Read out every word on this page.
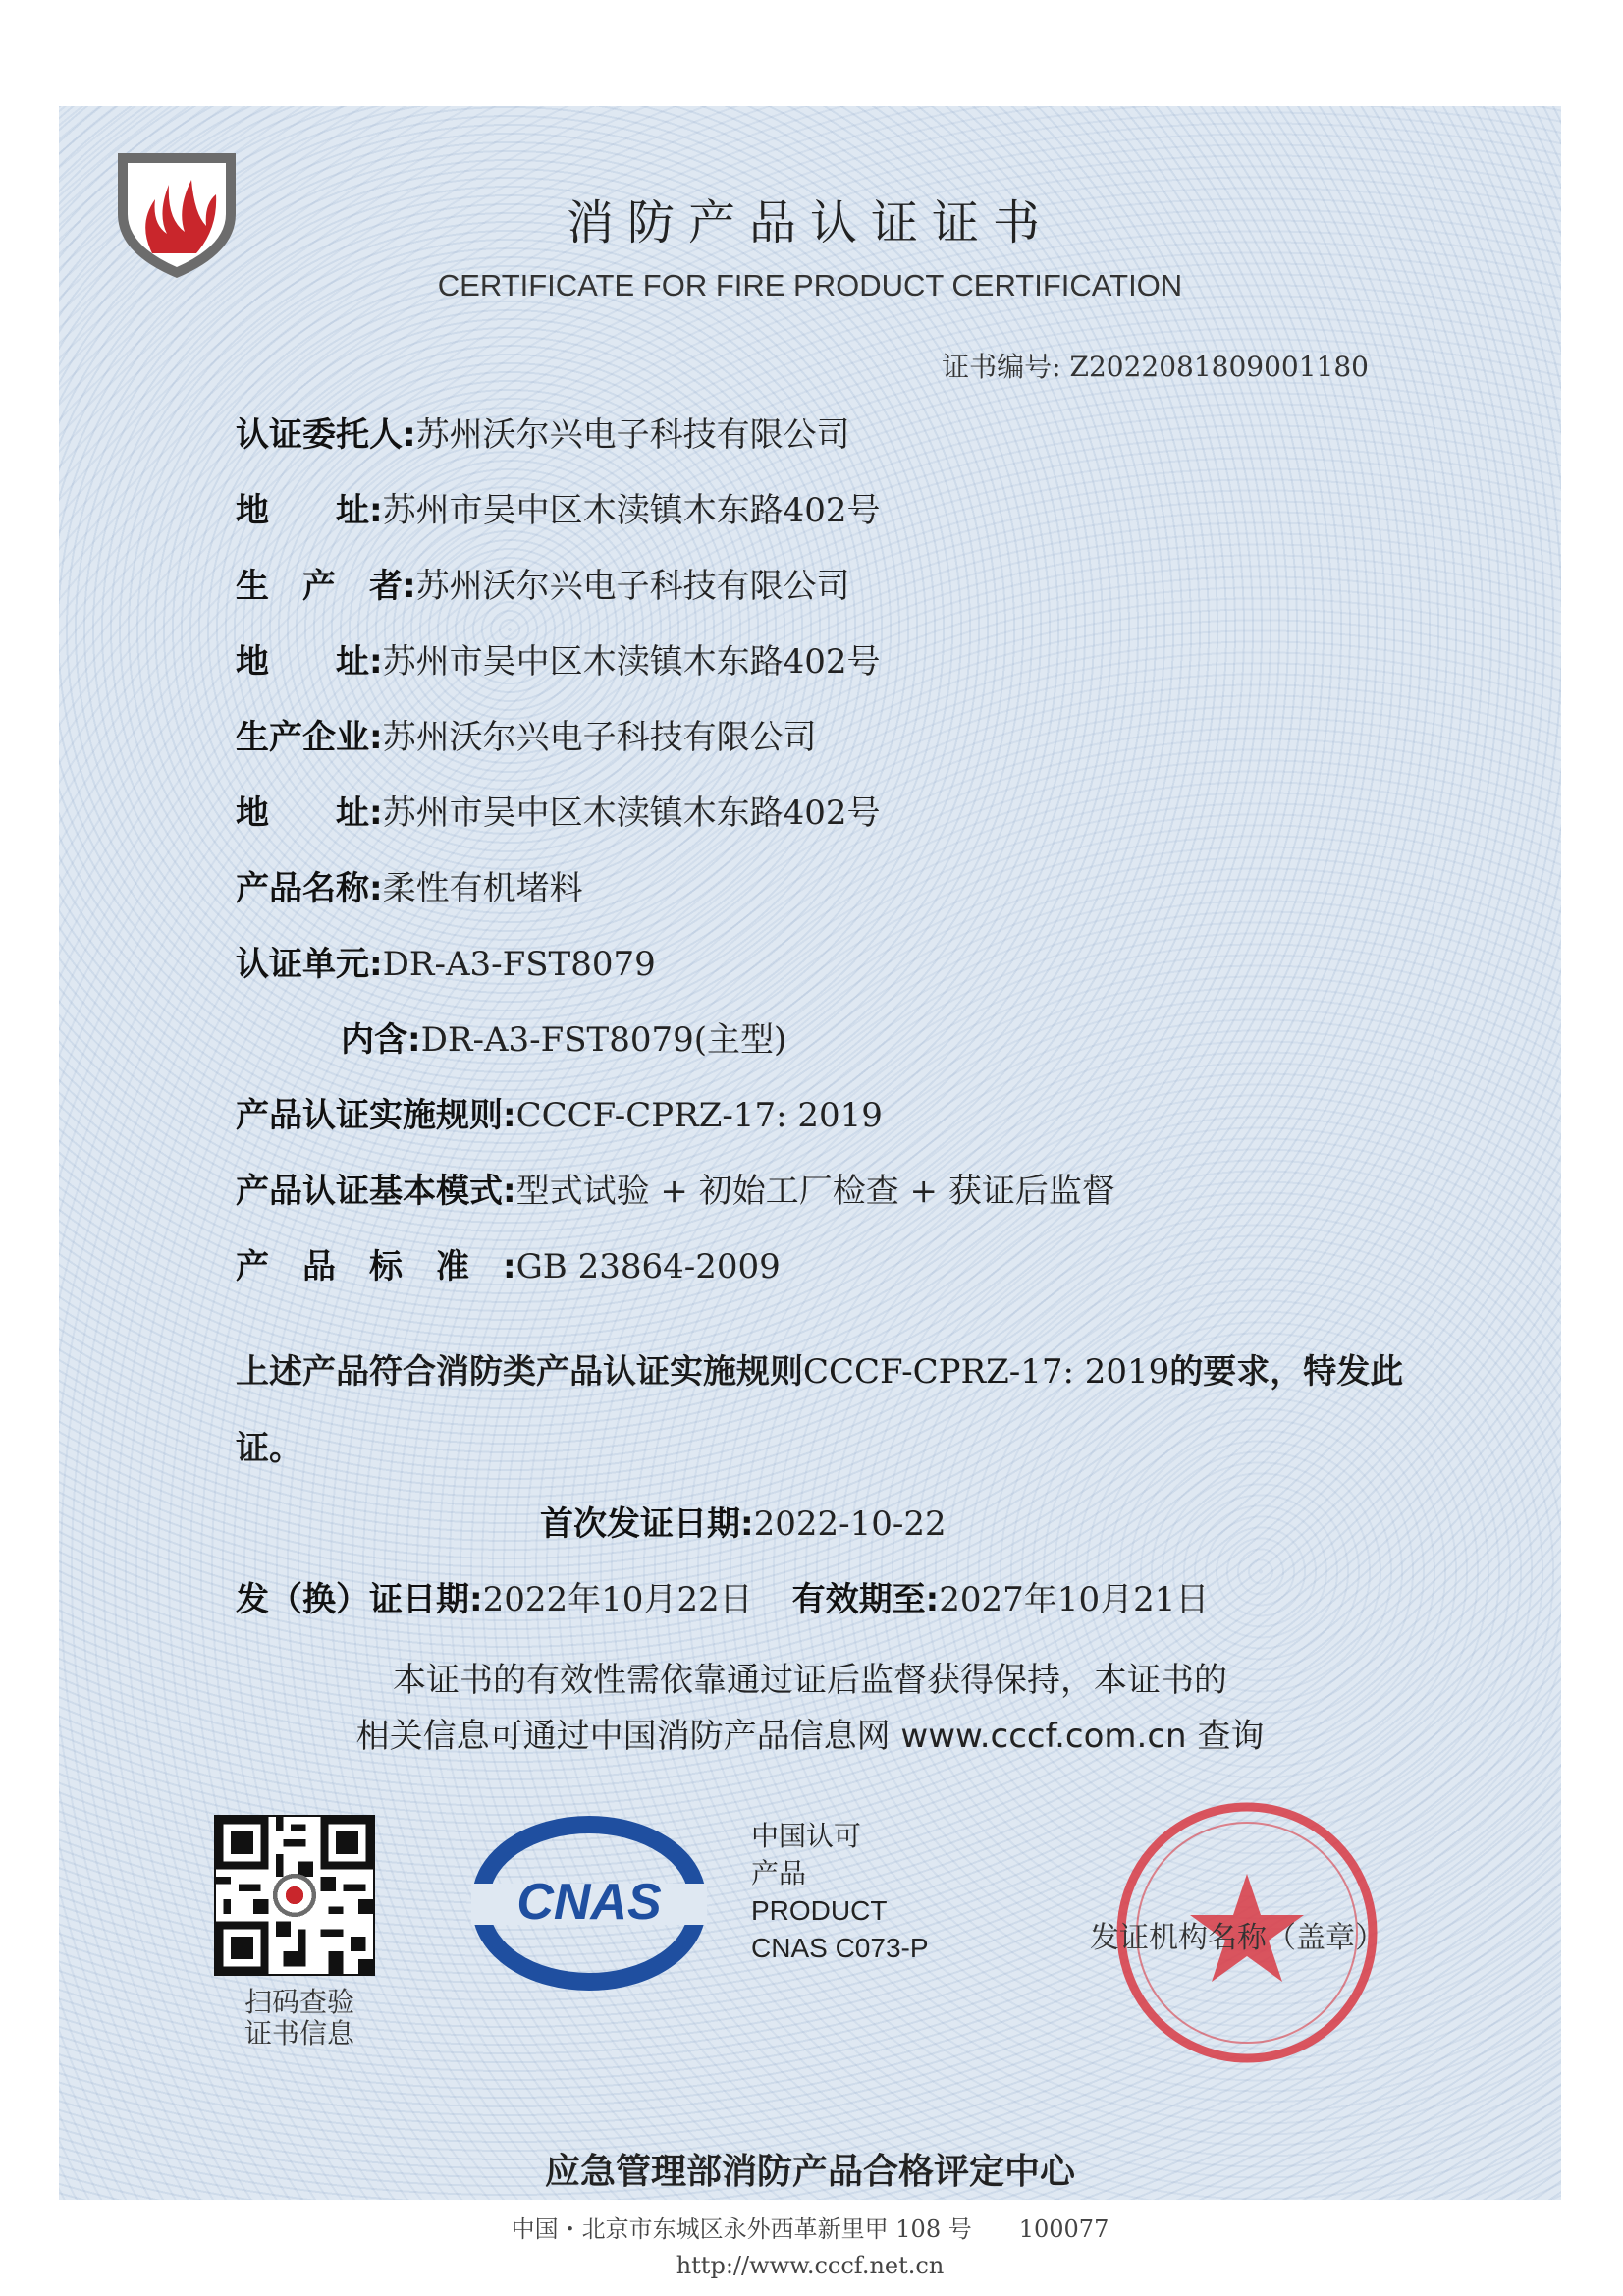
消防产品认证证书
CERTIFICATE FOR FIRE PRODUCT CERTIFICATION
证书编号: Z2022081809001180
认证委托人: 苏州沃尔兴电子科技有限公司
地　　址: 苏州市吴中区木渎镇木东路402号
生　产　者: 苏州沃尔兴电子科技有限公司
地　　址: 苏州市吴中区木渎镇木东路402号
生产企业: 苏州沃尔兴电子科技有限公司
地　　址: 苏州市吴中区木渎镇木东路402号
产品名称: 柔性有机堵料
认证单元: DR-A3-FST8079
内含: DR-A3-FST8079(主型)
产品认证实施规则: CCCF-CPRZ-17: 2019
产品认证基本模式: 型式试验 + 初始工厂检查 + 获证后监督
产　品　标　准　: GB 23864-2009
上述产品符合消防类产品认证实施规则CCCF-CPRZ-17: 2019的要求，特发此证。
首次发证日期: 2022-10-22
发（换）证日期: 2022年10月22日 有效期至: 2027年10月21日
本证书的有效性需依靠通过证后监督获得保持，本证书的
相关信息可通过中国消防产品信息网 www.cccf.com.cn 查询
扫码查验证书信息
CNAS
中国认可
产品
PRODUCT
CNAS C073-P	发证机构名称（盖章）
应急管理部消防产品合格评定中心
中国・北京市东城区永外西革新里甲 108 号　　100077
http://www.cccf.net.cn
